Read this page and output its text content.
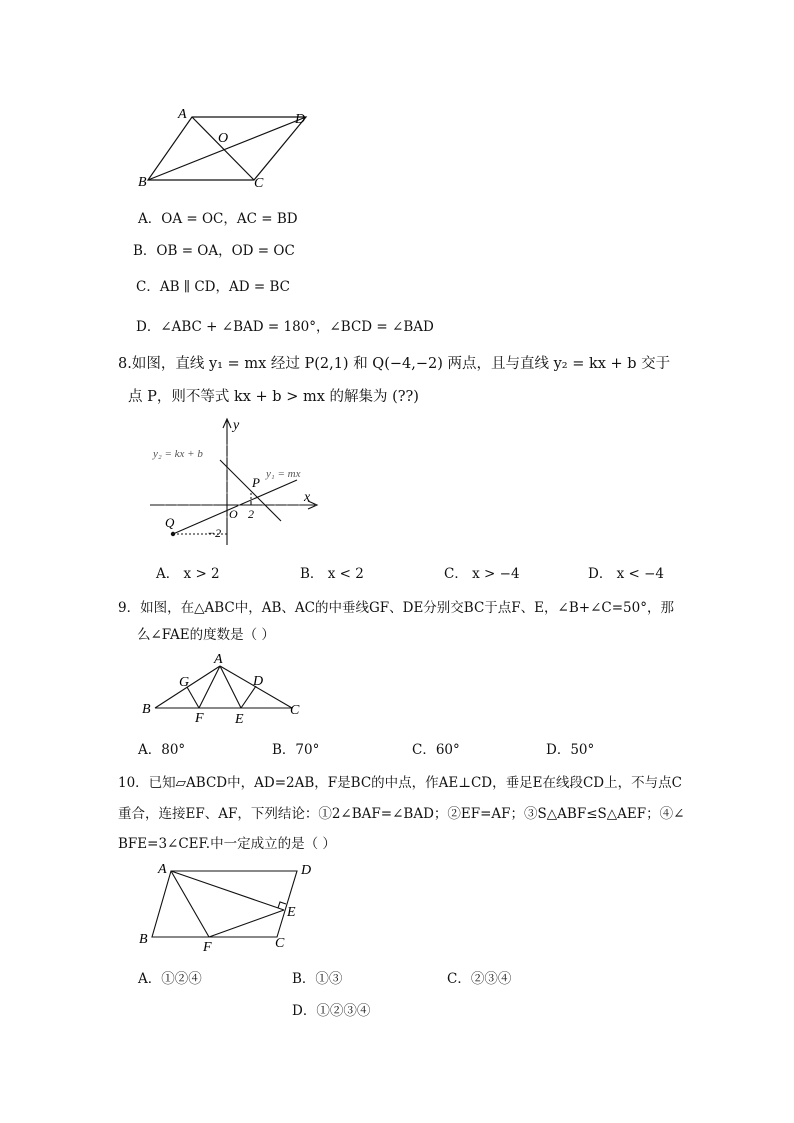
A	D
O
B	C
A．OA = OC，AC = BD
B．OB = OA，OD = OC
C．AB ∥ CD，AD = BC
D．∠ABC + ∠BAD = 180°，∠BCD = ∠BAD
8.如图，直线 y₁ = mx 经过 P(2,1) 和 Q(−4,−2) 两点，且与直线 y₂ = kx + b 交于
点 P，则不等式 kx + b > mx 的解集为 (??)
y
x
y₂ = kx + b
y₁ = mx
P
O 2
Q
−2
A． x > 2	B． x < 2	C． x > −4	D． x < −4
9．如图，在△ABC中，AB、AC的中垂线GF、DE分别交BC于点F、E，∠B+∠C=50°，那
么∠FAE的度数是（ ）
A
G	D
B
F E
C
A．80°	B．70°	C．60°	D．50°
10．已知▱ABCD中，AD=2AB，F是BC的中点，作AE⊥CD，垂足E在线段CD上，不与点C
重合，连接EF、AF，下列结论：①2∠BAF=∠BAD；②EF=AF；③S△ABF≤S△AEF；④∠
BFE=3∠CEF.中一定成立的是（ ）
A	D
E
B
F	C
A．①②④	B．①③	C．②③④
D．①②③④
